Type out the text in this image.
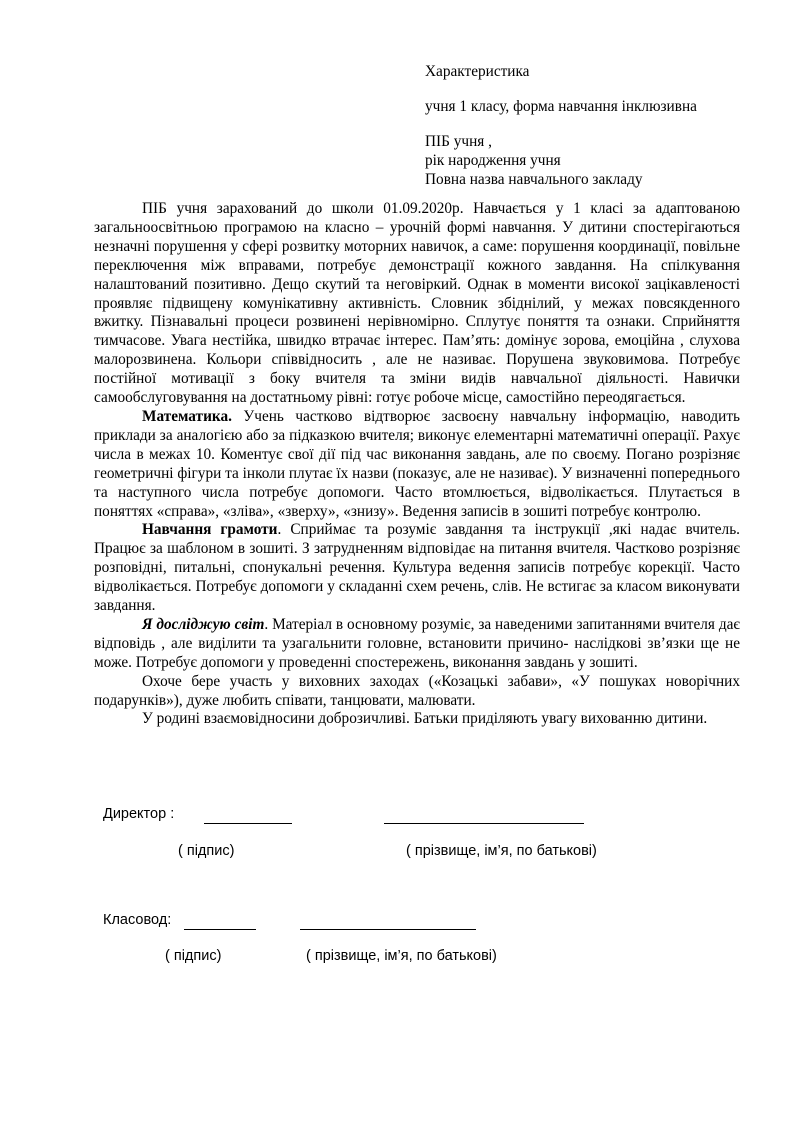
Характеристика
учня 1 класу, форма навчання інклюзивна
ПІБ учня ,
рік народження учня
Повна назва навчального закладу

ПІБ учня зарахований до школи 01.09.2020р. Навчається у 1 класі за адаптованою загальноосвітньою програмою на класно – урочній формі навчання. У дитини спостерігаються незначні порушення у сфері розвитку моторних навичок, а саме: порушення координації, повільне переключення між вправами, потребує демонстрації кожного завдання. На спілкування налаштований позитивно. Дещо скутий та неговіркий. Однак в моменти високої зацікавленості проявляє підвищену комунікативну активність. Словник збіднілий, у межах повсякденного вжитку. Пізнавальні процеси розвинені нерівномірно. Сплутує поняття та ознаки. Сприйняття тимчасове. Увага нестійка, швидко втрачає інтерес. Пам’ять: домінує зорова, емоційна , слухова малорозвинена. Кольори співвідносить , але не називає. Порушена звуковимова. Потребує постійної мотивації з боку вчителя та зміни видів навчальної діяльності. Навички самообслуговування на достатньому рівні: готує робоче місце, самостійно переодягається.

Математика. Учень частково відтворює засвоєну навчальну інформацію, наводить приклади за аналогією або за підказкою вчителя; виконує елементарні математичні операції. Рахує числа в межах 10. Коментує свої дії під час виконання завдань, але по своєму. Погано розрізняє геометричні фігури та інколи плутає їх назви (показує, але не називає). У визначенні попереднього та наступного числа потребує допомоги. Часто втомлюється, відволікається. Плутається в поняттях «справа», «зліва», «зверху», «знизу». Ведення записів в зошиті потребує контролю.

Навчання грамоти. Сприймає та розуміє завдання та інструкції ,які надає вчитель. Працює за шаблоном в зошиті. З затрудненням відповідає на питання вчителя. Частково розрізняє розповідні, питальні, спонукальні речення. Культура ведення записів потребує корекції. Часто відволікається. Потребує допомоги у складанні схем речень, слів. Не встигає за класом виконувати завдання.

Я досліджую світ. Матеріал в основному розуміє, за наведеними запитаннями вчителя дає відповідь , але виділити та узагальнити головне, встановити причино- наслідкові зв’язки ще не може. Потребує допомоги у проведенні спостережень, виконання завдань у зошиті.

Охоче бере участь у виховних заходах («Козацькі забави», «У пошуках новорічних подарунків»), дуже любить співати, танцювати, малювати.

У родині взаємовідносини доброзичливі. Батьки приділяють увагу вихованню дитини.

Директор :
( підпис)	( прізвище, ім’я, по батькові)
Класовод:
( підпис)	( прізвище, ім’я, по батькові)
